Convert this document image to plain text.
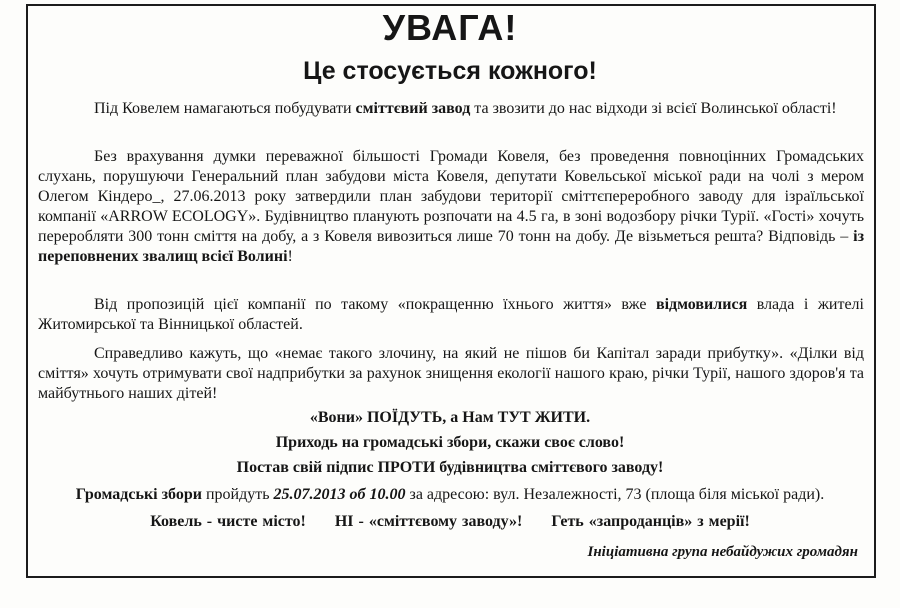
УВАГА!
Це стосується кожного!
Під Ковелем намагаються побудувати сміттєвий завод та звозити до нас відходи зі всієї Волинської області!
Без врахування думки переважної більшості Громади Ковеля, без проведення повноцінних Громадських слухань, порушуючи Генеральний план забудови міста Ковеля, депутати Ковельської міської ради на чолі з мером Олегом Кіндеро_, 27.06.2013 року затвердили план забудови території сміттєпереробного заводу для ізраїльської компанії «ARROW ECOLOGY». Будівництво планують розпочати на 4.5 га, в зоні водозбору річки Турії. «Гості» хочуть переробляти 300 тонн сміття на добу, а з Ковеля вивозиться лише 70 тонн на добу. Де візьметься решта? Відповідь – із переповнених звалищ всієї Волині!
Від пропозицій цієї компанії по такому «покращенню їхнього життя» вже відмовилися влада і жителі Житомирської та Вінницької областей.
Справедливо кажуть, що «немає такого злочину, на який не пішов би Капітал заради прибутку». «Ділки від сміття» хочуть отримувати свої надприбутки за рахунок знищення екології нашого краю, річки Турії, нашого здоров'я та майбутнього наших дітей!
«Вони» ПОЇДУТЬ, а Нам ТУТ ЖИТИ.
Приходь на громадські збори, скажи своє слово!
Постав свій підпис ПРОТИ будівництва сміттєвого заводу!
Громадські збори пройдуть 25.07.2013 об 10.00 за адресою: вул. Незалежності, 73 (площа біля міської ради).
Ковель - чисте місто! НІ - «сміттєвому заводу»! Геть «запроданців» з мерії!
Ініціативна група небайдужих громадян
